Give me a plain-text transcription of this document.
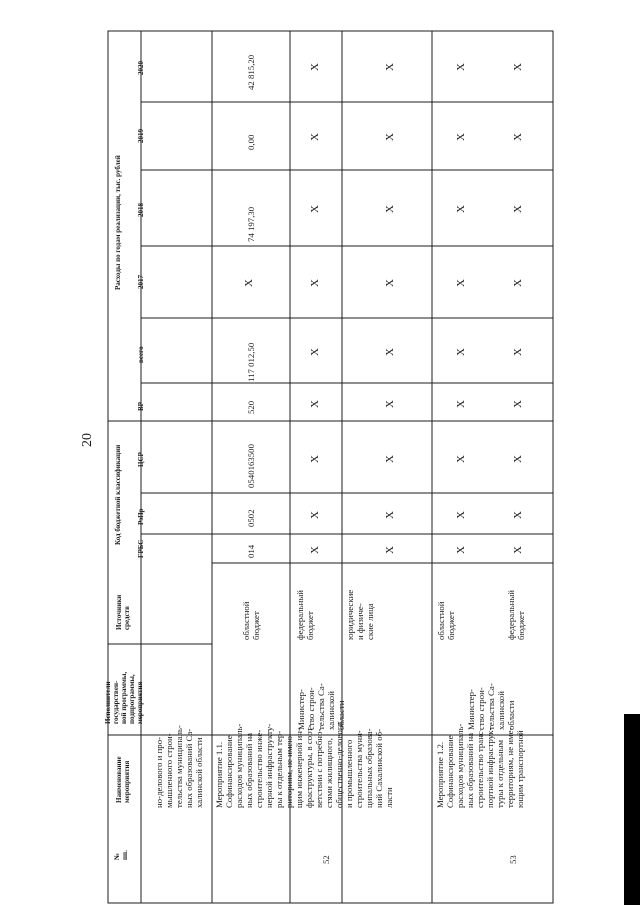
20
№ пп.
Наименование мероприятия
Исполнители государствен- ной программы, подпрограммы, мероприятия
Источники средств
Код бюджетной классификации
ГРБС
РзПр
ЦСР
ВР
Расходы по годам реализации, тыс. рублей
всего
2017
2018
2019
2020
но-делового и про- мышленного строи- тельства муниципаль- ных образований Са- халинской области
52
Мероприятие 1.1. Софинансирование расходов муниципаль- ных образований на строительство инже- нерной инфраструкту- ры к отдельным тер- риториям, не имею- щим инженерной ин- фраструктуры, в соот- ветствии с потребно- стями жилищного, общественно-делового и промышленного строительства муни- ципальных образова- ний Сахалинской об- ласти
Министер- ство строи- тельства Са- халинской области
областной бюджет
014
0502
0540163500
520
117 012,50
X
74 197,30
0,00
42 815,20
федеральный бюджет
X
X
X
X
X
X
X
X
X
юридические и физиче- ские лица
X
X
X
X
X
X
X
X
X
53
Мероприятие 1.2. Софинансирование расходов муниципаль- ных образований на строительство транс- портной инфраструк- туры к отдельным территориям, не име- ющим транспортной
Министер- ство строи- тельства Са- халинской области
областной бюджет
X
X
X
X
X
X
X
X
X
федеральный бюджет
X
X
X
X
X
X
X
X
X
